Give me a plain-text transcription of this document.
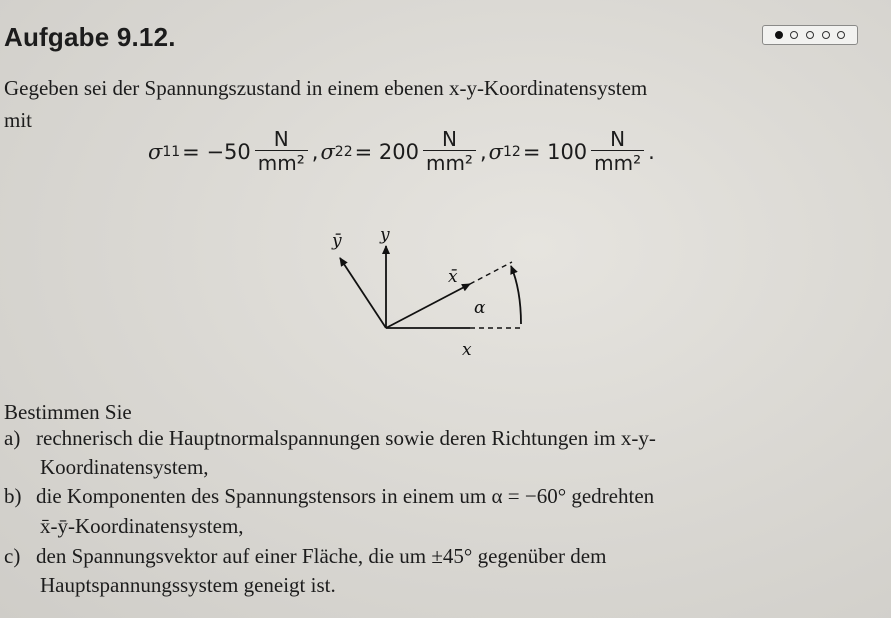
Aufgabe 9.12.
Gegeben sei der Spannungszustand in einem ebenen x-y-Koordinatensystem
mit
σ $11 = -50 \frac{N}{\text{mm²}}$ , σ $22 = 200 \frac{N}{\text{mm²}}$ , σ $12 = 100 \frac{N}{\text{mm²}}$ .
ȳ y
x̄
α
x
Bestimmen Sie
a) rechnerisch die Hauptnormalspannungen sowie deren Richtungen im x-y-
Koordinatensystem,
b) die Komponenten des Spannungstensors in einem um α = −60° gedrehten
x̄-ȳ-Koordinatensystem,
c) den Spannungsvektor auf einer Fläche, die um ±45° gegenüber dem
Hauptspannungssystem geneigt ist.
